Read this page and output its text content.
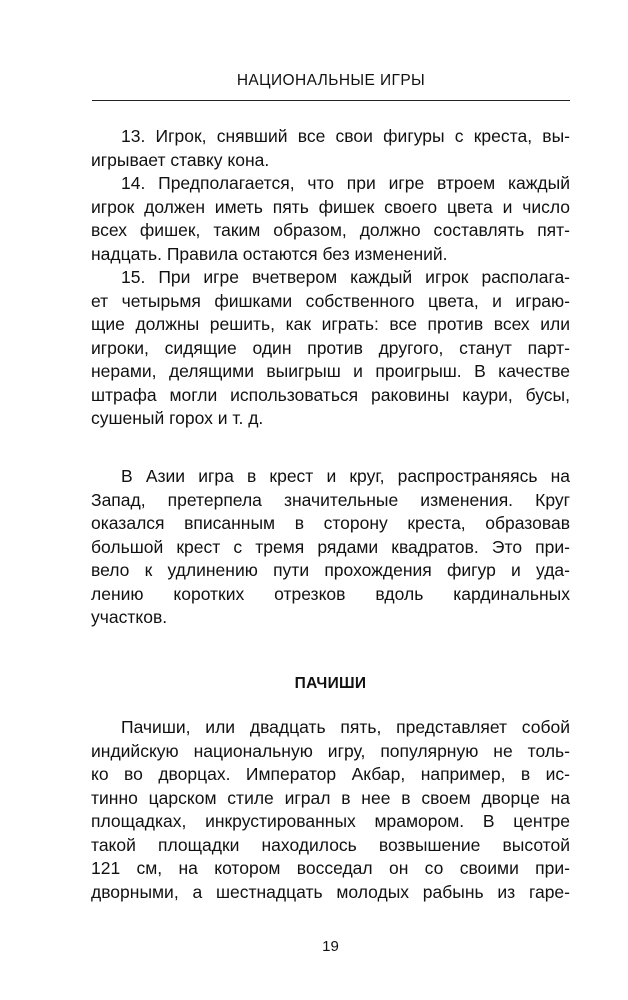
НАЦИОНАЛЬНЫЕ ИГРЫ

13. Игрок, снявший все свои фигуры с креста, вы-
игрывает ставку кона.

14. Предполагается, что при игре втроем каждый
игрок должен иметь пять фишек своего цвета и число
всех фишек, таким образом, должно составлять пят-
надцать. Правила остаются без изменений.

15. При игре вчетвером каждый игрок располага-
ет четырьмя фишками собственного цвета, и играю-
щие должны решить, как играть: все против всех или
игроки, сидящие один против другого, станут парт-
нерами, делящими выигрыш и проигрыш. В качестве
штрафа могли использоваться раковины каури, бусы,
сушеный горох и т. д.

В Азии игра в крест и круг, распространяясь на
Запад, претерпела значительные изменения. Круг
оказался вписанным в сторону креста, образовав
большой крест с тремя рядами квадратов. Это при-
вело к удлинению пути прохождения фигур и уда-
лению коротких отрезков вдоль кардинальных
участков.

ПАЧИШИ

Пачиши, или двадцать пять, представляет собой
индийскую национальную игру, популярную не толь-
ко во дворцах. Император Акбар, например, в ис-
тинно царском стиле играл в нее в своем дворце на
площадках, инкрустированных мрамором. В центре
такой площадки находилось возвышение высотой
121 см, на котором восседал он со своими при-
дворными, а шестнадцать молодых рабынь из гаре-

19
